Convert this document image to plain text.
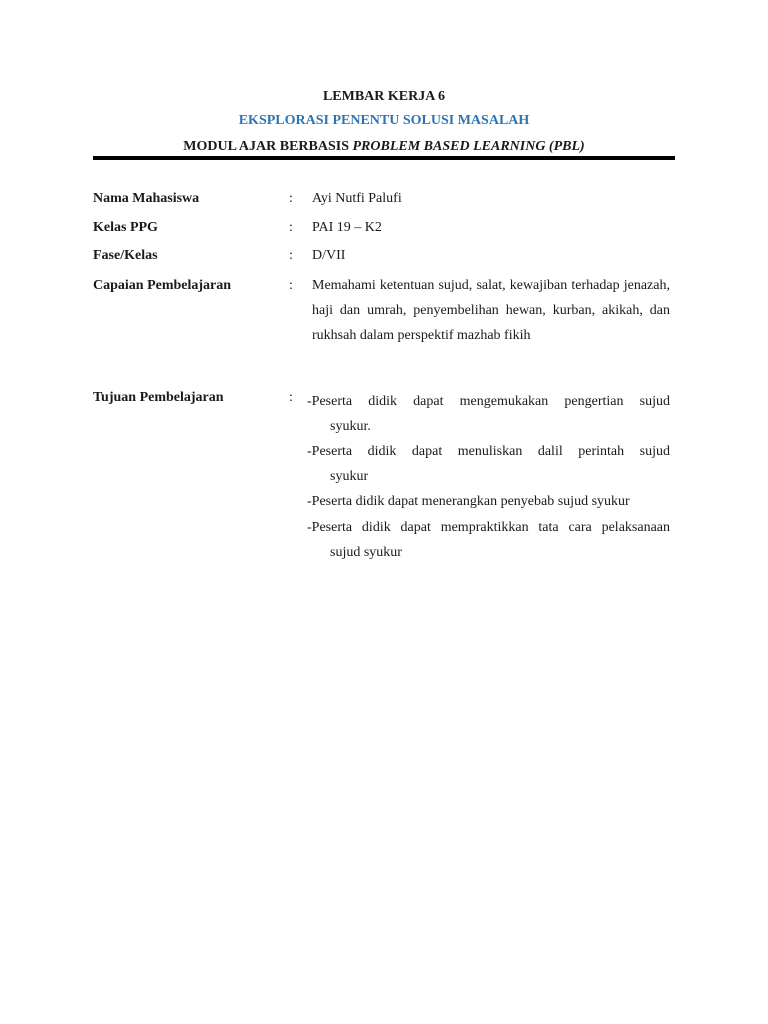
LEMBAR KERJA 6
EKSPLORASI PENENTU SOLUSI MASALAH
MODUL AJAR BERBASIS PROBLEM BASED LEARNING (PBL)
Nama Mahasiswa	: Ayi Nutfi Palufi
Kelas PPG	: PAI 19 – K2
Fase/Kelas	: D/VII
Capaian Pembelajaran	: Memahami ketentuan sujud, salat, kewajiban terhadap jenazah, haji dan umrah, penyembelihan hewan, kurban, akikah, dan rukhsah dalam perspektif mazhab fikih
Tujuan Pembelajaran	: -Peserta didik dapat mengemukakan pengertian sujud
syukur.
-Peserta didik dapat menuliskan dalil perintah sujud
syukur
-Peserta didik dapat menerangkan penyebab sujud syukur
-Peserta didik dapat mempraktikkan tata cara pelaksanaan
sujud syukur
